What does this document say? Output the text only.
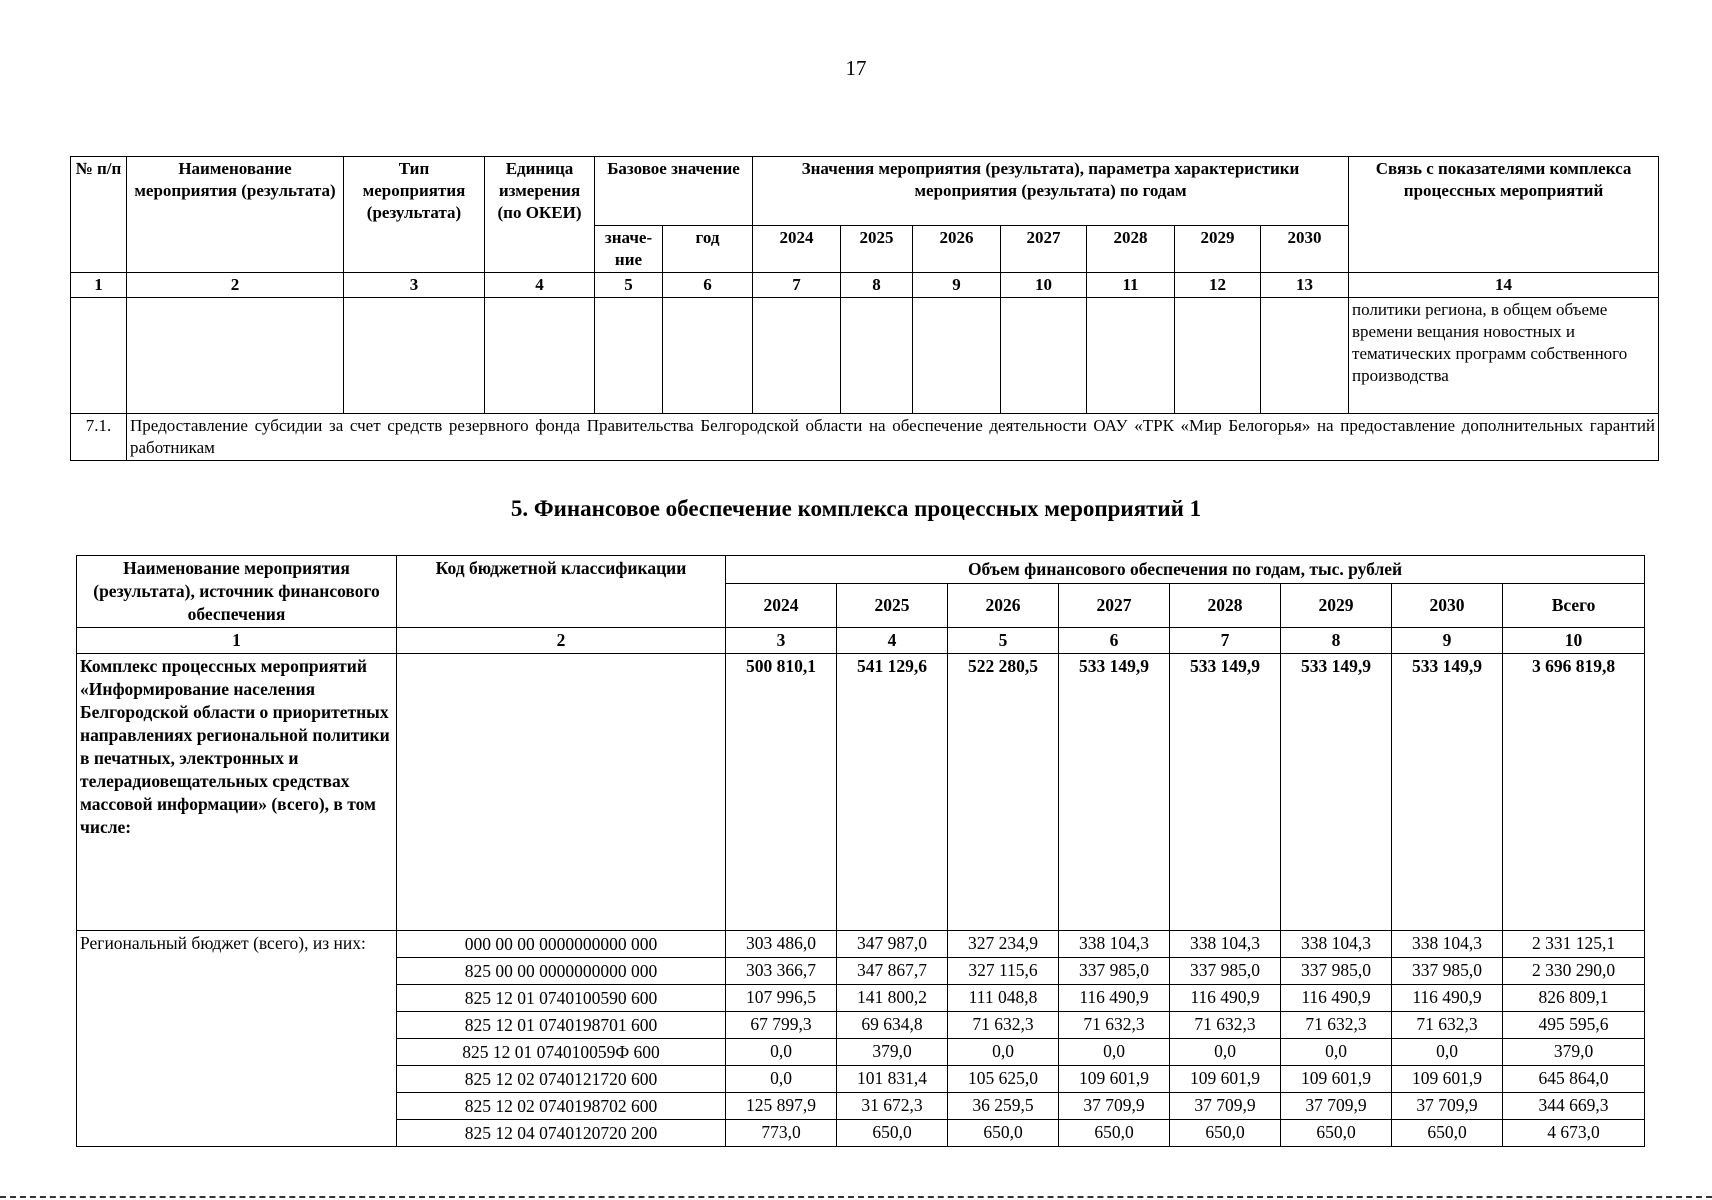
17
№ п/п	Наименование мероприятия (результата)	Тип мероприятия (результата)	Единица измерения (по ОКЕИ)	Базовое значение		Значения мероприятия (результата), параметра характеристики мероприятия (результата) по годам							Связь с показателями комплекса процессных мероприятий
				значе-ние	год	2024	2025	2026	2027	2028	2029	2030	
1	2	3	4	5	6	7	8	9	10	11	12	13	14
													политики региона, в общем объеме времени вещания новостных и тематических программ собственного производства
7.1.	Предоставление субсидии за счет средств резервного фонда Правительства Белгородской области на обеспечение деятельности ОАУ «ТРК «Мир Белогорья» на предоставление дополнительных гарантий работникам												
5. Финансовое обеспечение комплекса процессных мероприятий 1
Наименование мероприятия (результата), источник финансового обеспечения	Код бюджетной классификации	Объем финансового обеспечения по годам, тыс. рублей							
		2024	2025	2026	2027	2028	2029	2030	Всего
1	2	3	4	5	6	7	8	9	10
Комплекс процессных мероприятий «Информирование населения Белгородской области о приоритетных направлениях региональной политики в печатных, электронных и телерадиовещательных средствах массовой информации» (всего), в том числе:		500 810,1	541 129,6	522 280,5	533 149,9	533 149,9	533 149,9	533 149,9	3 696 819,8
Региональный бюджет (всего), из них:	000 00 00 0000000000 000	303 486,0	347 987,0	327 234,9	338 104,3	338 104,3	338 104,3	338 104,3	2 331 125,1
	825 00 00 0000000000 000	303 366,7	347 867,7	327 115,6	337 985,0	337 985,0	337 985,0	337 985,0	2 330 290,0
	825 12 01 0740100590 600	107 996,5	141 800,2	111 048,8	116 490,9	116 490,9	116 490,9	116 490,9	826 809,1
	825 12 01 0740198701 600	67 799,3	69 634,8	71 632,3	71 632,3	71 632,3	71 632,3	71 632,3	495 595,6
	825 12 01 074010059Ф 600	0,0	379,0	0,0	0,0	0,0	0,0	0,0	379,0
	825 12 02 0740121720 600	0,0	101 831,4	105 625,0	109 601,9	109 601,9	109 601,9	109 601,9	645 864,0
	825 12 02 0740198702 600	125 897,9	31 672,3	36 259,5	37 709,9	37 709,9	37 709,9	37 709,9	344 669,3
	825 12 04 0740120720 200	773,0	650,0	650,0	650,0	650,0	650,0	650,0	4 673,0
